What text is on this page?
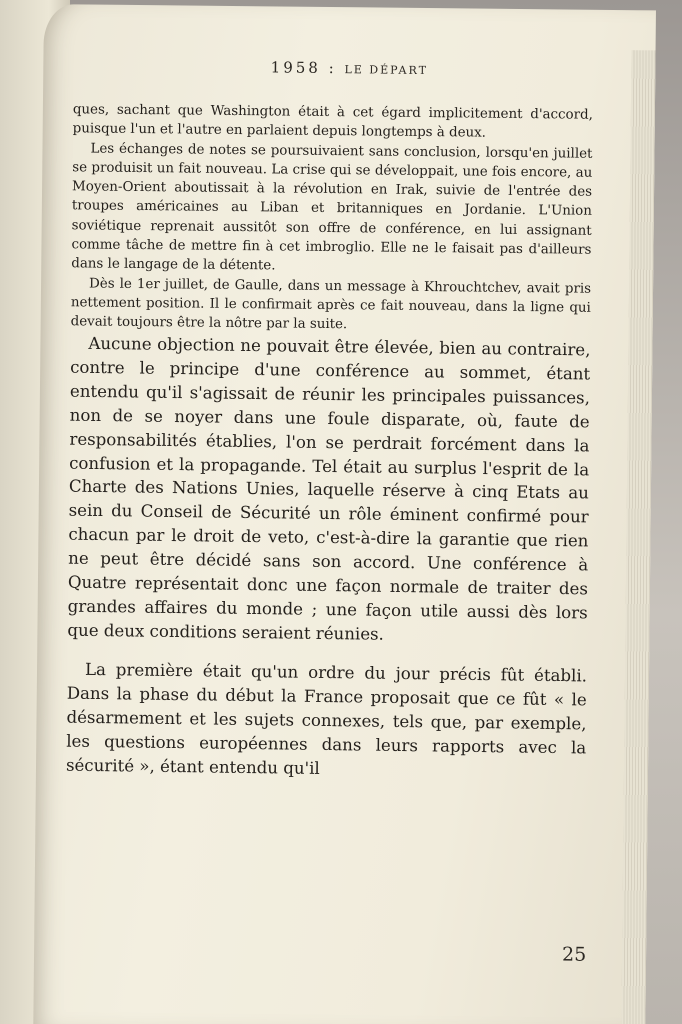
1958 : LE DÉPART

ques, sachant que Washington était à cet égard implicitement d'accord, puisque l'un et l'autre en parlaient depuis longtemps à deux.

Les échanges de notes se poursuivaient sans conclusion, lorsqu'en juillet se produisit un fait nouveau. La crise qui se développait, une fois encore, au Moyen-Orient aboutissait à la révolution en Irak, suivie de l'entrée des troupes américaines au Liban et britanniques en Jordanie. L'Union soviétique reprenait aussitôt son offre de conférence, en lui assignant comme tâche de mettre fin à cet imbroglio. Elle ne le faisait pas d'ailleurs dans le langage de la détente.

Dès le 1er juillet, de Gaulle, dans un message à Khrouchtchev, avait pris nettement position. Il le confirmait après ce fait nouveau, dans la ligne qui devait toujours être la nôtre par la suite.

Aucune objection ne pouvait être élevée, bien au contraire, contre le principe d'une conférence au sommet, étant entendu qu'il s'agissait de réunir les principales puissances, non de se noyer dans une foule disparate, où, faute de responsabilités établies, l'on se perdrait forcément dans la confusion et la propagande. Tel était au surplus l'esprit de la Charte des Nations Unies, laquelle réserve à cinq Etats au sein du Conseil de Sécurité un rôle éminent confirmé pour chacun par le droit de veto, c'est-à-dire la garantie que rien ne peut être décidé sans son accord. Une conférence à Quatre représentait donc une façon normale de traiter des grandes affaires du monde ; une façon utile aussi dès lors que deux conditions seraient réunies.

La première était qu'un ordre du jour précis fût établi. Dans la phase du début la France proposait que ce fût « le désarmement et les sujets connexes, tels que, par exemple, les questions européennes dans leurs rapports avec la sécurité », étant entendu qu'il

25
